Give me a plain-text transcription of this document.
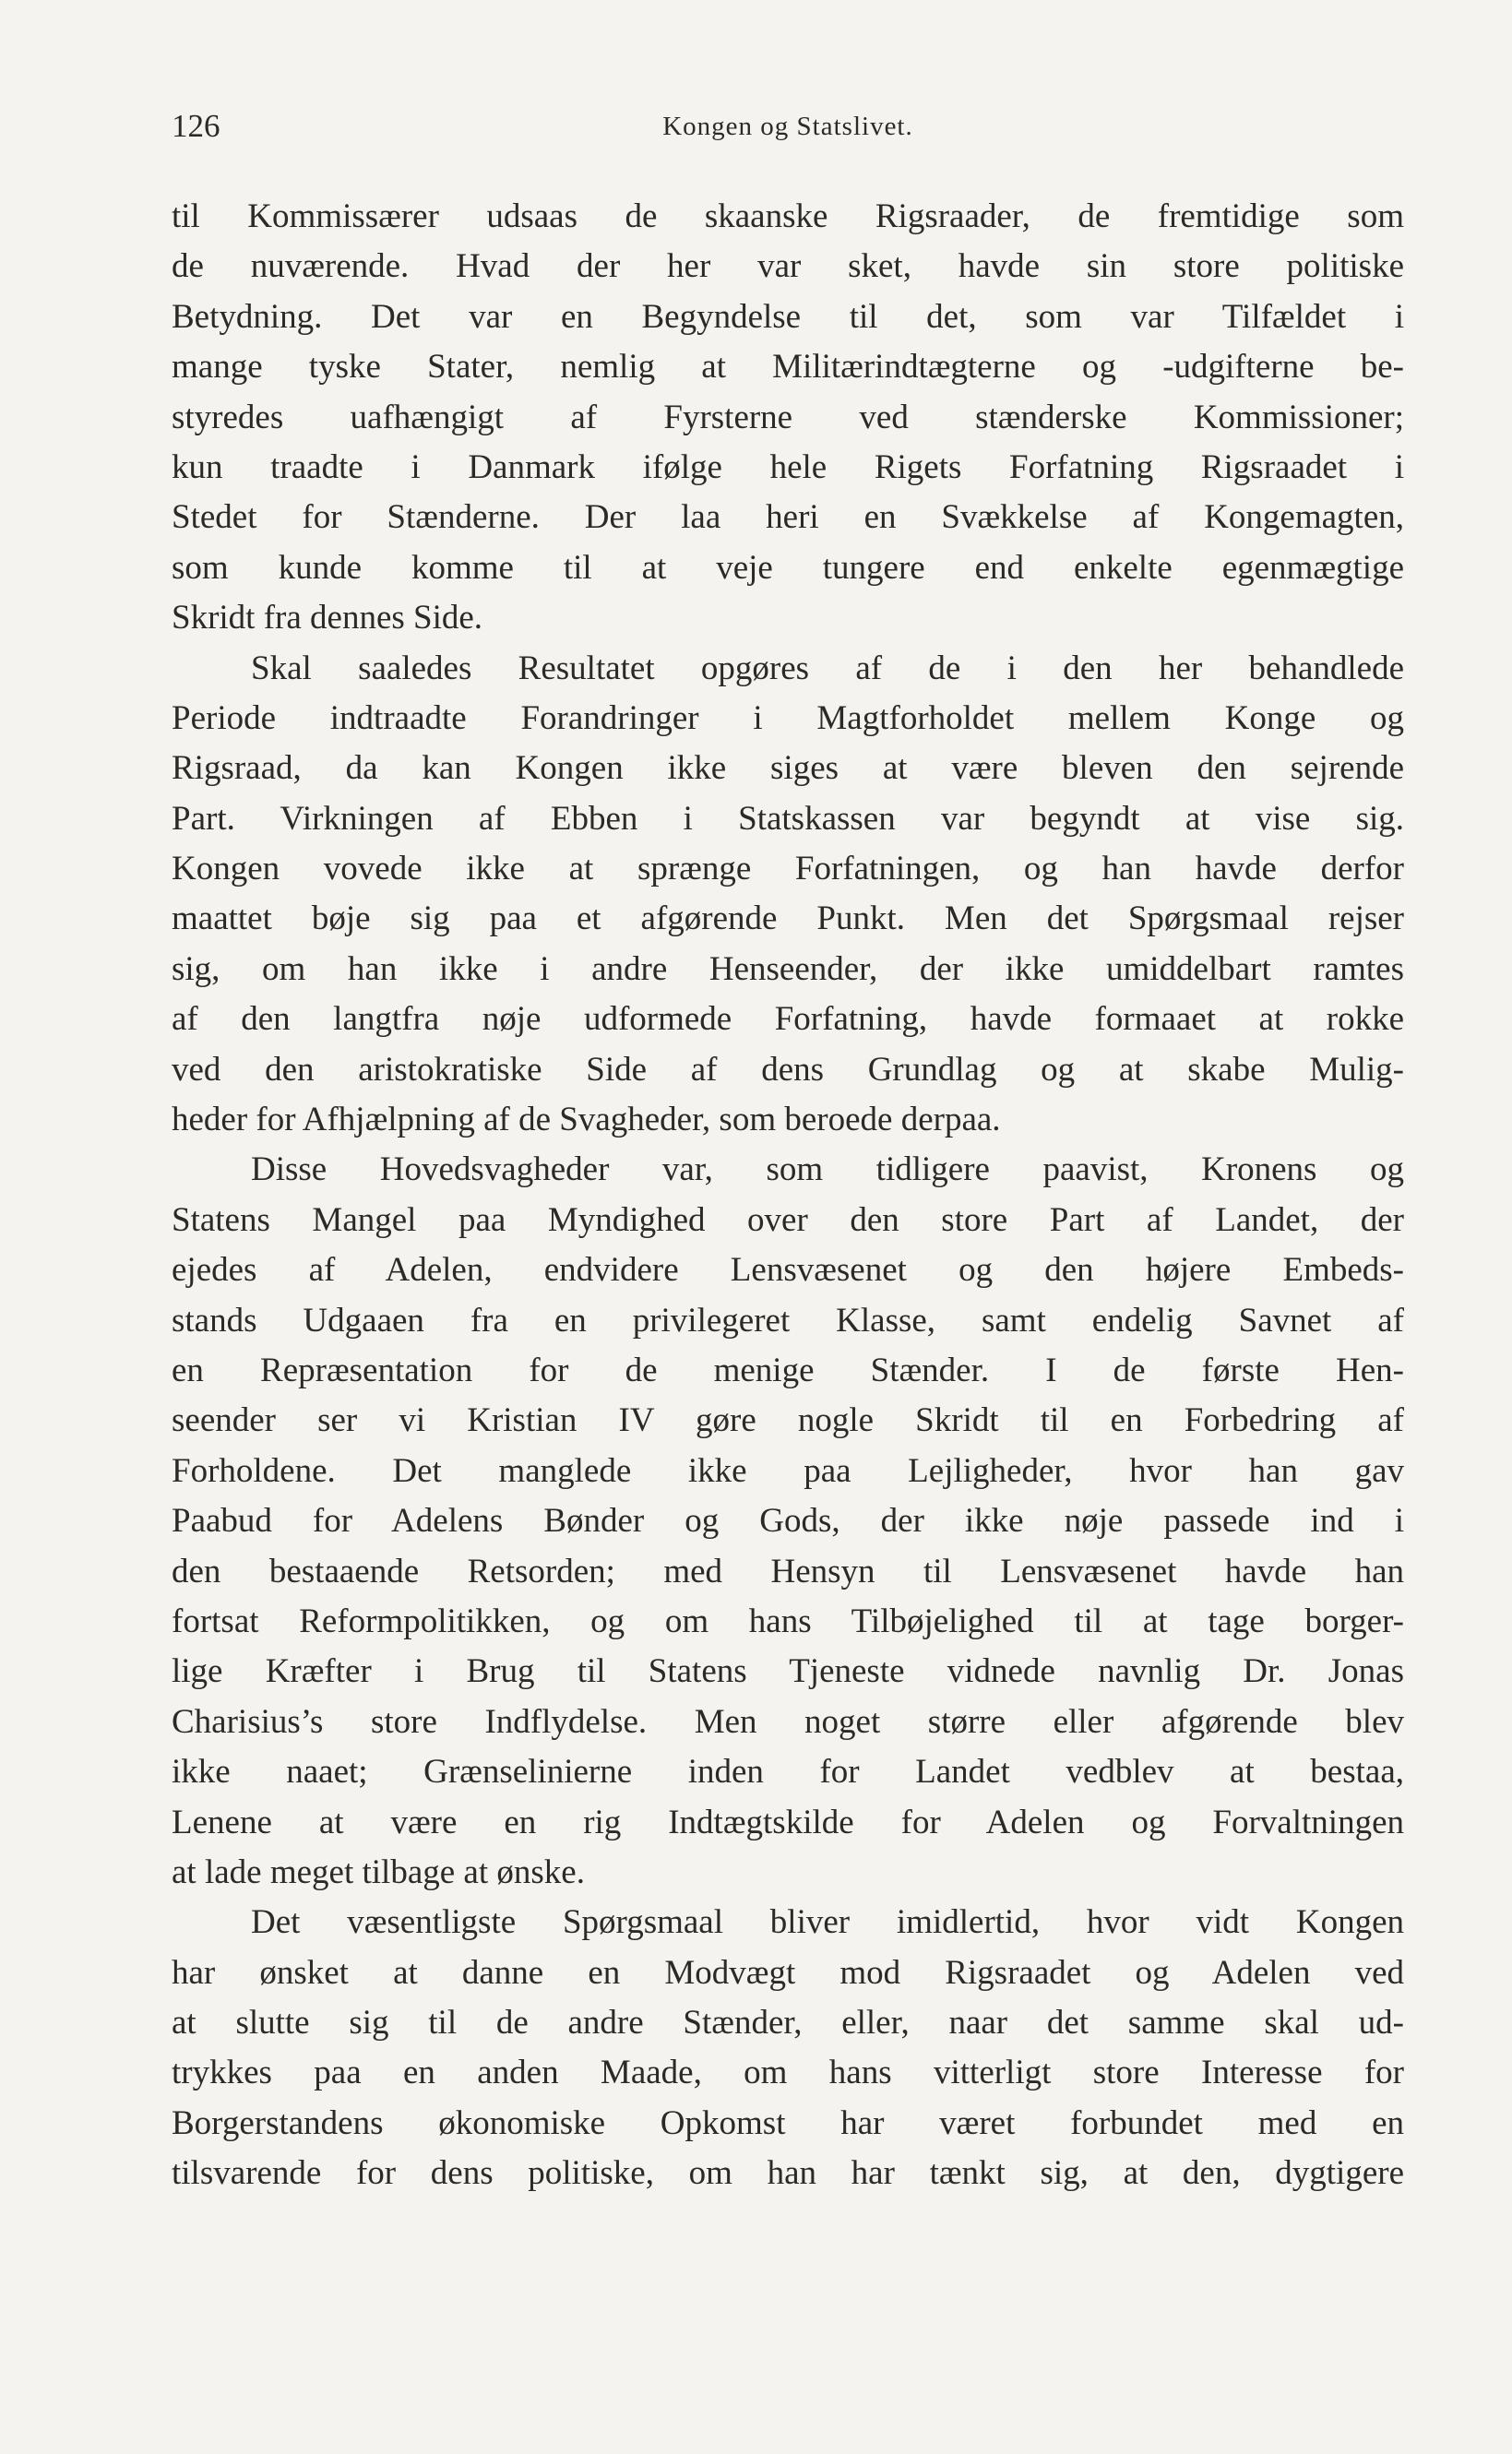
126	Kongen og Statslivet.
til Kommissærer udsaas de skaanske Rigsraader, de fremtidige som
de nuværende. Hvad der her var sket, havde sin store politiske
Betydning. Det var en Begyndelse til det, som var Tilfældet i
mange tyske Stater, nemlig at Militærindtægterne og -udgifterne be-
styredes uafhængigt af Fyrsterne ved stænderske Kommissioner;
kun traadte i Danmark ifølge hele Rigets Forfatning Rigsraadet i
Stedet for Stænderne. Der laa heri en Svækkelse af Kongemagten,
som kunde komme til at veje tungere end enkelte egenmægtige
Skridt fra dennes Side.
Skal saaledes Resultatet opgøres af de i den her behandlede
Periode indtraadte Forandringer i Magtforholdet mellem Konge og
Rigsraad, da kan Kongen ikke siges at være bleven den sejrende
Part. Virkningen af Ebben i Statskassen var begyndt at vise sig.
Kongen vovede ikke at sprænge Forfatningen, og han havde derfor
maattet bøje sig paa et afgørende Punkt. Men det Spørgsmaal rejser
sig, om han ikke i andre Henseender, der ikke umiddelbart ramtes
af den langtfra nøje udformede Forfatning, havde formaaet at rokke
ved den aristokratiske Side af dens Grundlag og at skabe Mulig-
heder for Afhjælpning af de Svagheder, som beroede derpaa.
Disse Hovedsvagheder var, som tidligere paavist, Kronens og
Statens Mangel paa Myndighed over den store Part af Landet, der
ejedes af Adelen, endvidere Lensvæsenet og den højere Embeds-
stands Udgaaen fra en privilegeret Klasse, samt endelig Savnet af
en Repræsentation for de menige Stænder. I de første Hen-
seender ser vi Kristian IV gøre nogle Skridt til en Forbedring af
Forholdene. Det manglede ikke paa Lejligheder, hvor han gav
Paabud for Adelens Bønder og Gods, der ikke nøje passede ind i
den bestaaende Retsorden; med Hensyn til Lensvæsenet havde han
fortsat Reformpolitikken, og om hans Tilbøjelighed til at tage borger-
lige Kræfter i Brug til Statens Tjeneste vidnede navnlig Dr. Jonas
Charisius’s store Indflydelse. Men noget større eller afgørende blev
ikke naaet; Grænselinierne inden for Landet vedblev at bestaa,
Lenene at være en rig Indtægtskilde for Adelen og Forvaltningen
at lade meget tilbage at ønske.
Det væsentligste Spørgsmaal bliver imidlertid, hvor vidt Kongen
har ønsket at danne en Modvægt mod Rigsraadet og Adelen ved
at slutte sig til de andre Stænder, eller, naar det samme skal ud-
trykkes paa en anden Maade, om hans vitterligt store Interesse for
Borgerstandens økonomiske Opkomst har været forbundet med en
tilsvarende for dens politiske, om han har tænkt sig, at den, dygtigere
